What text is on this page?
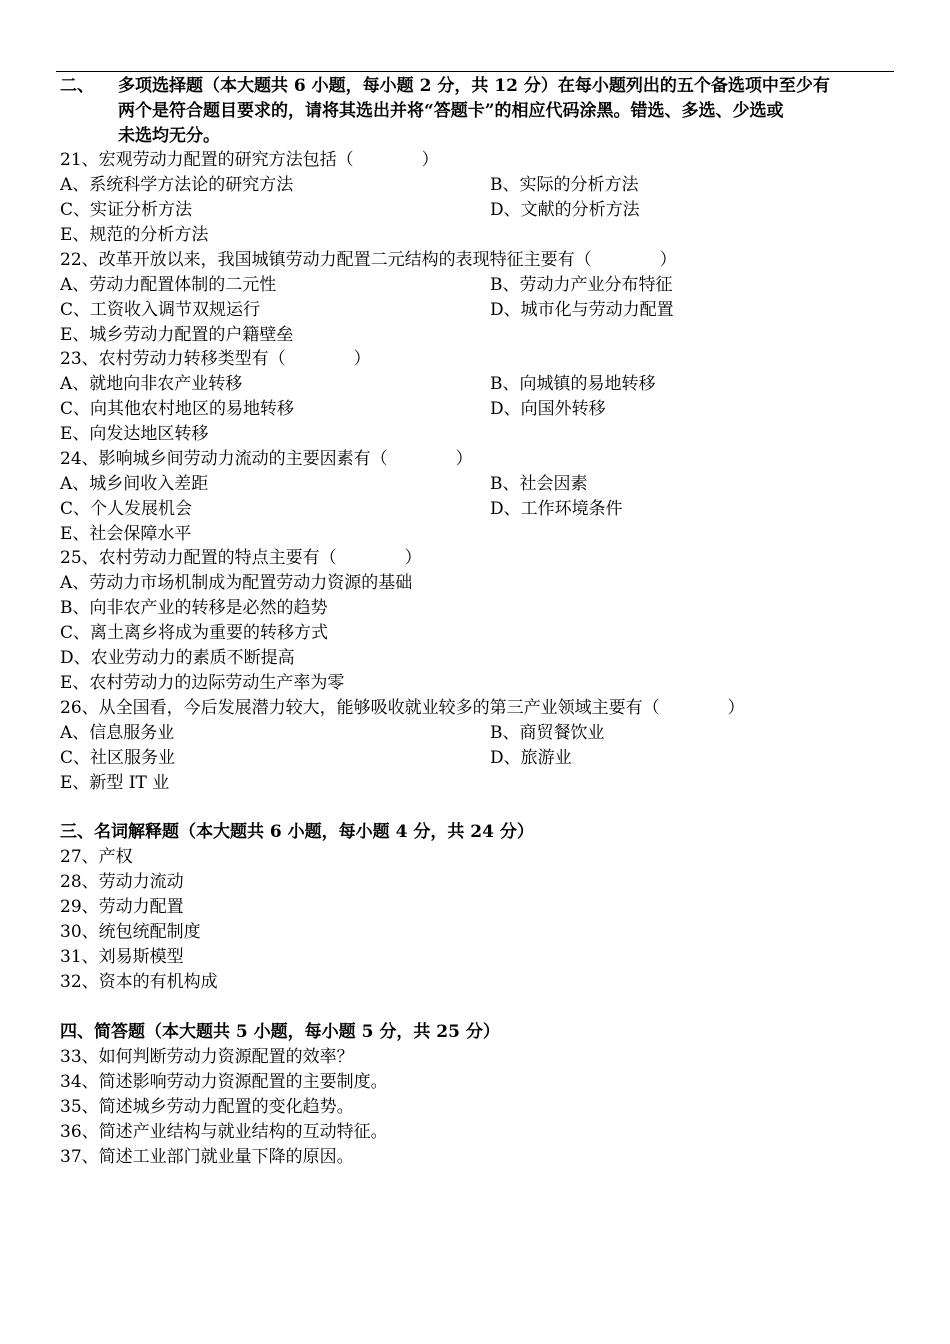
二、 多项选择题（本大题共 6 小题，每小题 2 分，共 12 分）在每小题列出的五个备选项中至少有
两个是符合题目要求的，请将其选出并将“答题卡”的相应代码涂黑。错选、多选、少选或
未选均无分。
21、宏观劳动力配置的研究方法包括（　　　　）
A、系统科学方法论的研究方法	B、实际的分析方法
C、实证分析方法	D、文献的分析方法
E、规范的分析方法
22、改革开放以来，我国城镇劳动力配置二元结构的表现特征主要有（　　　　）
A、劳动力配置体制的二元性	B、劳动力产业分布特征
C、工资收入调节双规运行	D、城市化与劳动力配置
E、城乡劳动力配置的户籍壁垒
23、农村劳动力转移类型有（　　　　）
A、就地向非农产业转移	B、向城镇的易地转移
C、向其他农村地区的易地转移	D、向国外转移
E、向发达地区转移
24、影响城乡间劳动力流动的主要因素有（　　　　）
A、城乡间收入差距	B、社会因素
C、个人发展机会	D、工作环境条件
E、社会保障水平
25、农村劳动力配置的特点主要有（　　　　）
A、劳动力市场机制成为配置劳动力资源的基础
B、向非农产业的转移是必然的趋势
C、离土离乡将成为重要的转移方式
D、农业劳动力的素质不断提高
E、农村劳动力的边际劳动生产率为零
26、从全国看，今后发展潜力较大，能够吸收就业较多的第三产业领域主要有（　　　　）
A、信息服务业	B、商贸餐饮业
C、社区服务业	D、旅游业
E、新型 IT 业
三、名词解释题（本大题共 6 小题，每小题 4 分，共 24 分）
27、产权
28、劳动力流动
29、劳动力配置
30、统包统配制度
31、刘易斯模型
32、资本的有机构成
四、简答题（本大题共 5 小题，每小题 5 分，共 25 分）
33、如何判断劳动力资源配置的效率？
34、简述影响劳动力资源配置的主要制度。
35、简述城乡劳动力配置的变化趋势。
36、简述产业结构与就业结构的互动特征。
37、简述工业部门就业量下降的原因。
